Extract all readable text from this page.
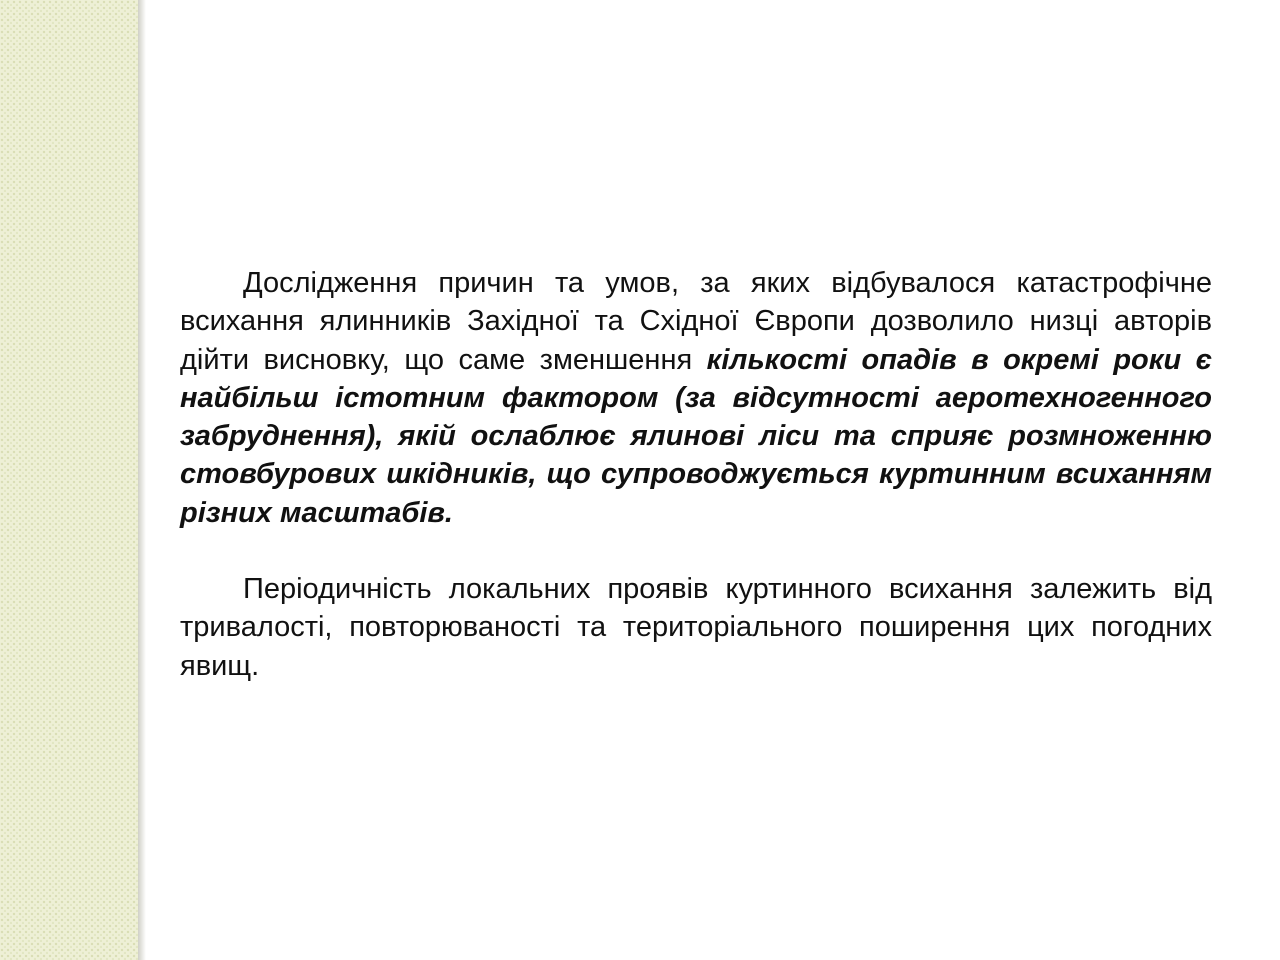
Дослідження причин та умов, за яких відбувалося катастрофічне всихання ялинників Західної та Східної Європи дозволило низці авторів дійти висновку, що саме зменшення кількості опадів в окремі роки є найбільш істотним фактором (за відсутності аеротехногенного забруднення), якій ослаблює ялинові ліси та сприяє розмноженню стовбурових шкідників, що супроводжується куртинним всиханням різних масштабів.

Періодичність локальних проявів куртинного всихання залежить від тривалості, повторюваності та територіального поширення цих погодних явищ.
